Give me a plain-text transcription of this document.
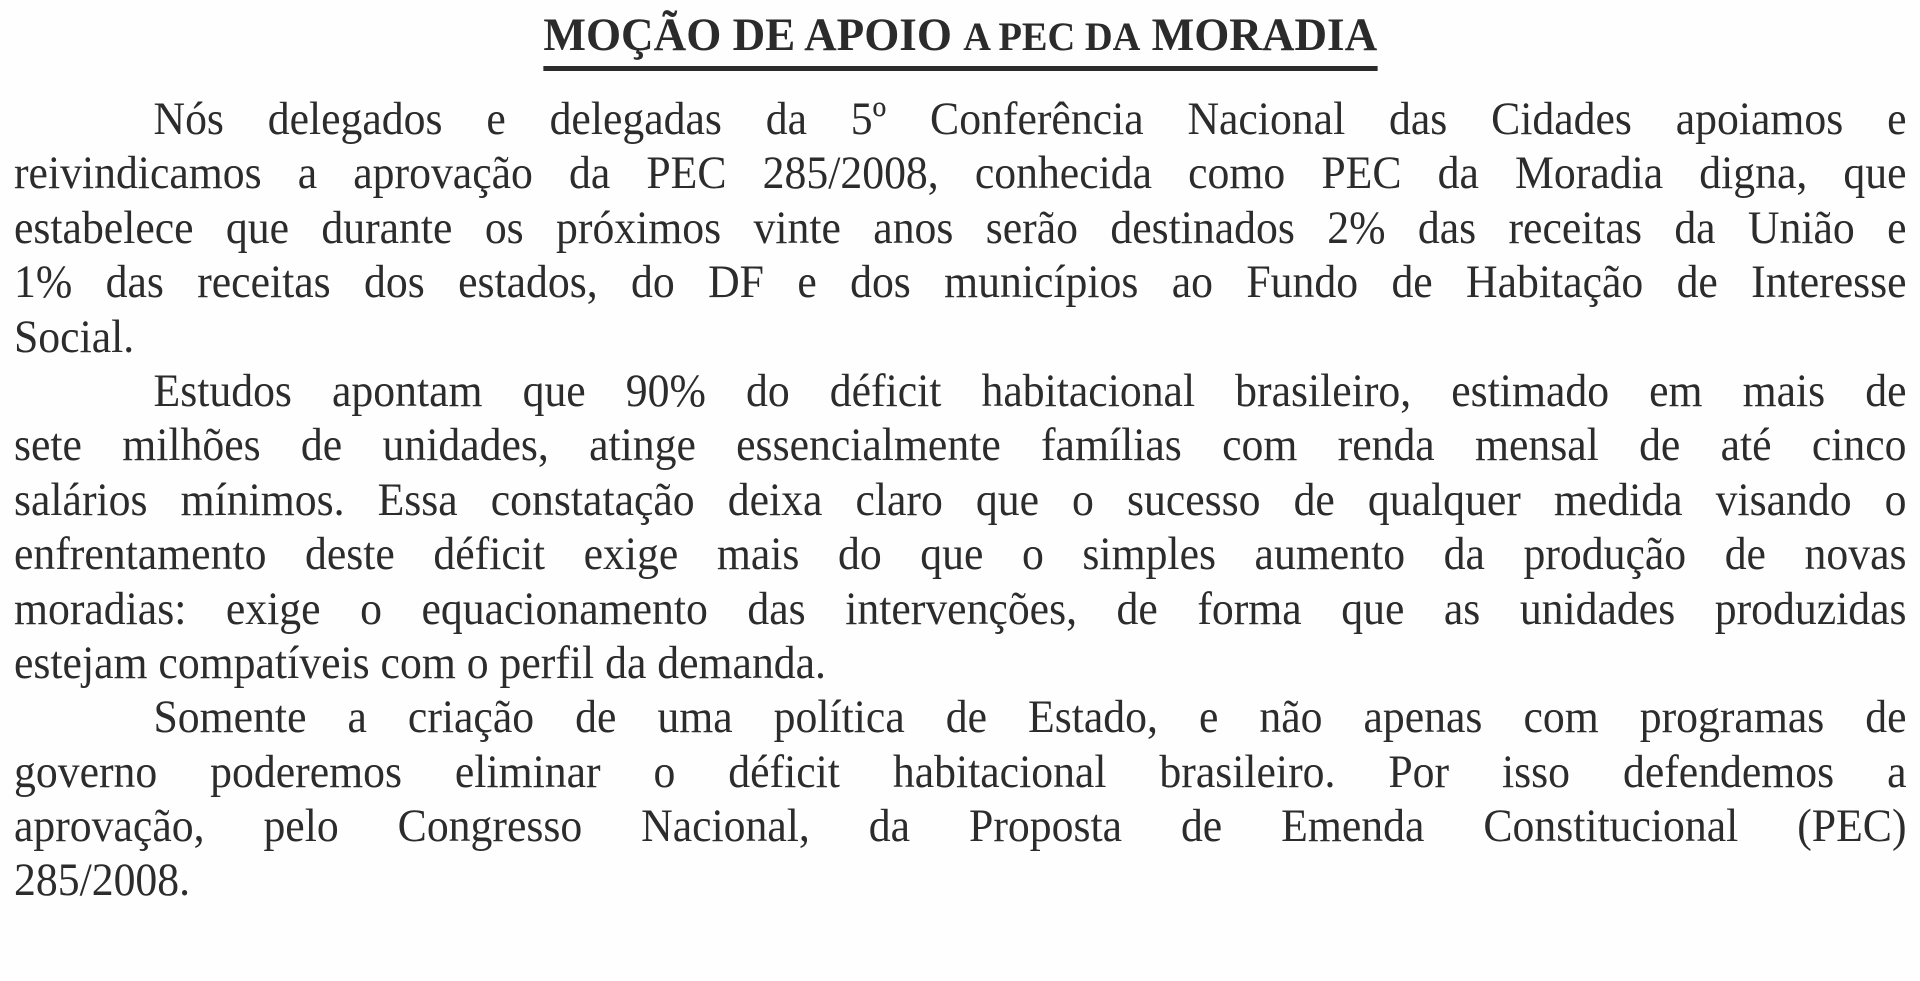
MOÇÃO DE APOIO A PEC DA MORADIA
Nós delegados e delegadas da 5º Conferência Nacional das Cidades apoiamos e
reivindicamos a aprovação da PEC 285/2008, conhecida como PEC da Moradia digna, que
estabelece que durante os próximos vinte anos serão destinados 2% das receitas da União e
1% das receitas dos estados, do DF e dos municípios ao Fundo de Habitação de Interesse
Social.
Estudos apontam que 90% do déficit habitacional brasileiro, estimado em mais de
sete milhões de unidades, atinge essencialmente famílias com renda mensal de até cinco
salários mínimos. Essa constatação deixa claro que o sucesso de qualquer medida visando o
enfrentamento deste déficit exige mais do que o simples aumento da produção de novas
moradias: exige o equacionamento das intervenções, de forma que as unidades produzidas
estejam compatíveis com o perfil da demanda.
Somente a criação de uma política de Estado, e não apenas com programas de
governo poderemos eliminar o déficit habitacional brasileiro. Por isso defendemos a
aprovação, pelo Congresso Nacional, da Proposta de Emenda Constitucional (PEC)
285/2008.
